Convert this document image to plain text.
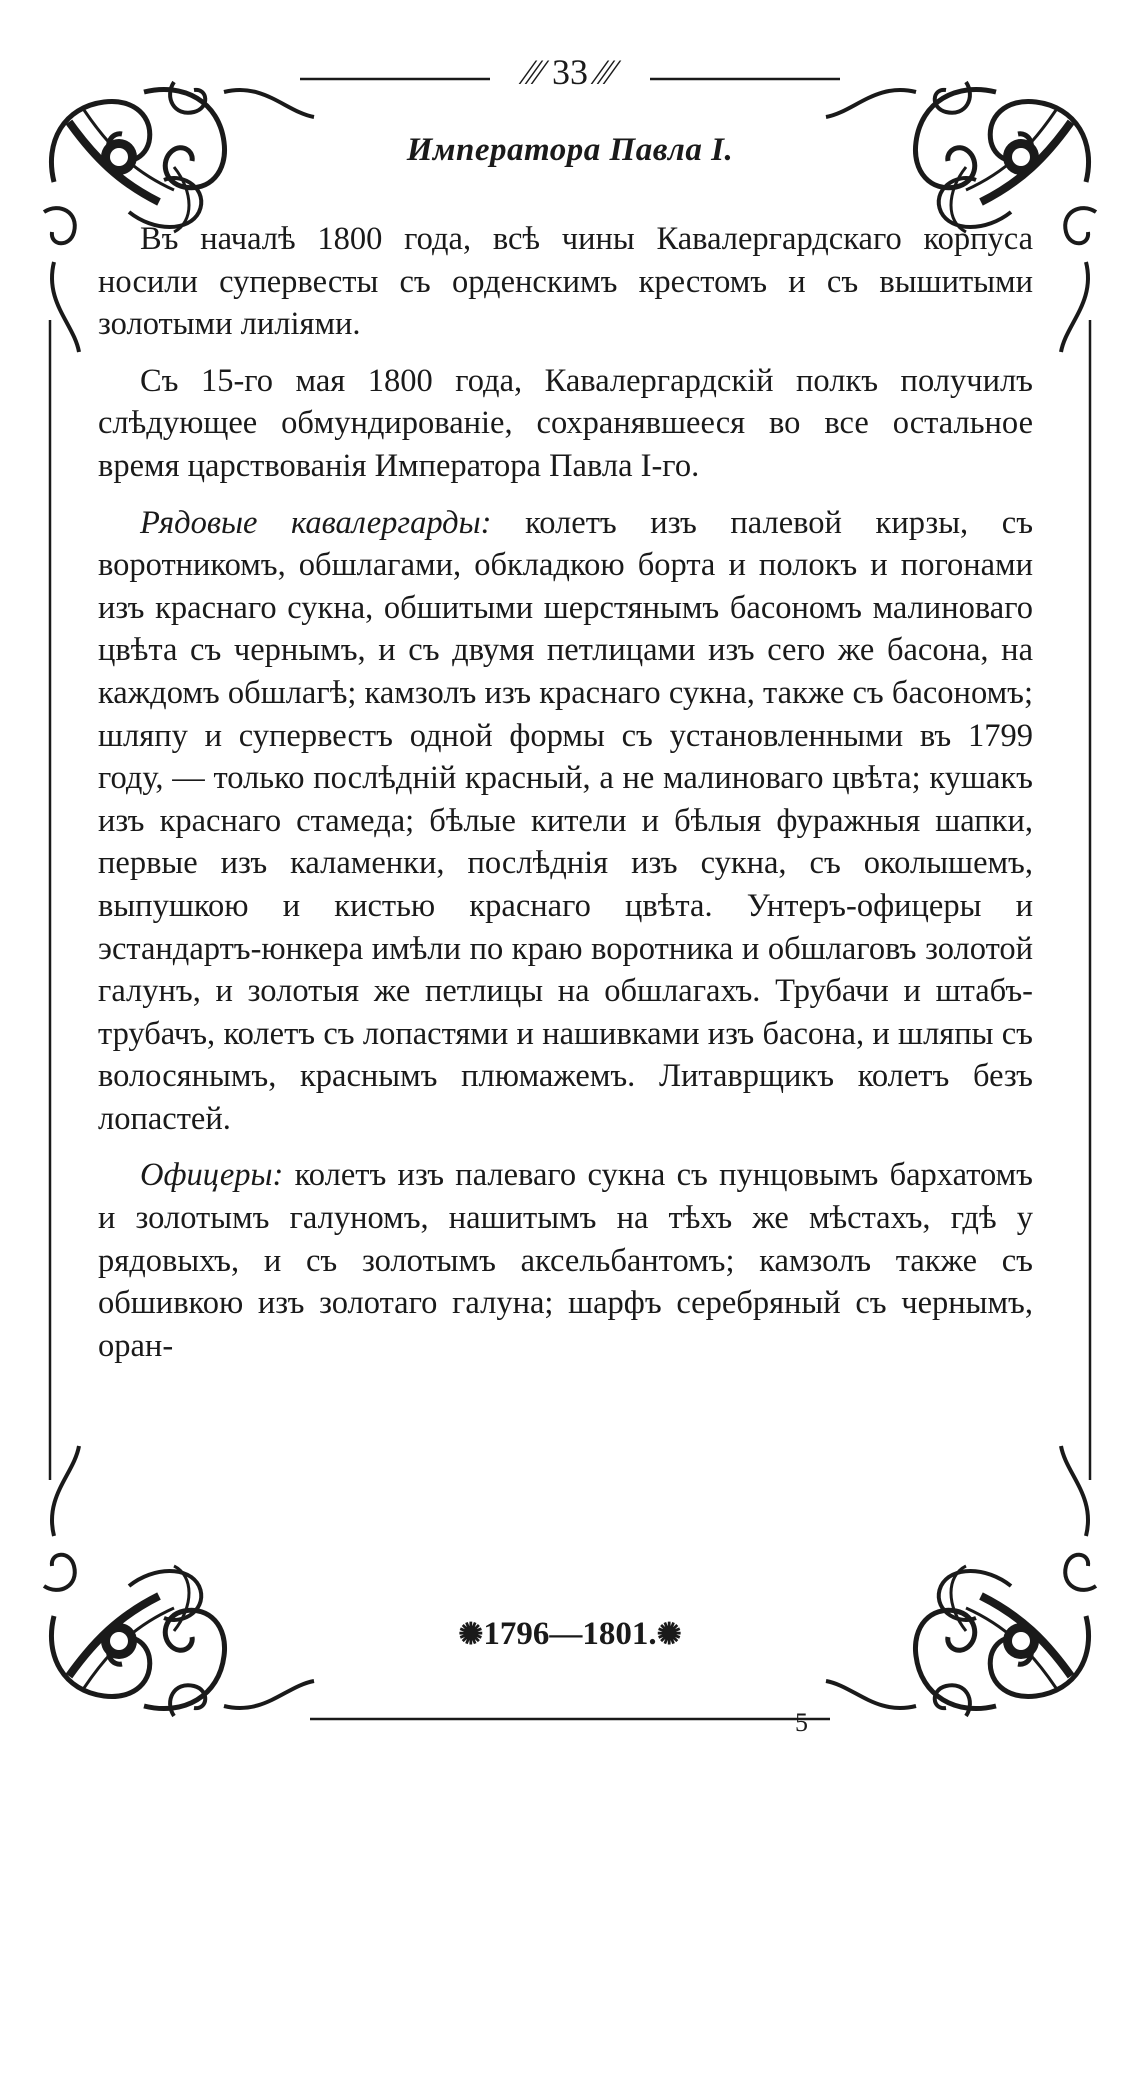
⁄⁄⁄ 33 ⁄⁄⁄
Императора Павла I.

Въ началѣ 1800 года, всѣ чины Кавалергардскаго корпуса носили супервесты съ орденскимъ крестомъ и съ вышитыми золотыми лилiями.

Съ 15-го мая 1800 года, Кавалергардскiй полкъ получилъ слѣдующее обмундированiе, сохранявшееся во все остальное время царствованiя Императора Павла I-го.

Рядовые кавалергарды: колетъ изъ палевой кирзы, съ воротникомъ, обшлагами, обкладкою борта и полокъ и погонами изъ краснаго сукна, обшитыми шерстянымъ басономъ малиноваго цвѣта съ чернымъ, и съ двумя петлицами изъ сего же басона, на каждомъ обшлагѣ; камзолъ изъ краснаго сукна, также съ басономъ; шляпу и супервестъ одной формы съ установленными въ 1799 году, — только послѣднiй красный, а не малиноваго цвѣта; кушакъ изъ краснаго стамеда; бѣлые кители и бѣлыя фуражныя шапки, первые изъ каламенки, послѣднiя изъ сукна, съ околышемъ, выпушкою и кистью краснаго цвѣта. Унтеръ-офицеры и эстандартъ-юнкера имѣли по краю воротника и обшлаговъ золотой галунъ, и золотыя же петлицы на обшлагахъ. Трубачи и штабъ-трубачъ, колетъ съ лопастями и нашивками изъ басона, и шляпы съ волосянымъ, краснымъ плюмажемъ. Литаврщикъ колетъ безъ лопастей.

Офицеры: колетъ изъ палеваго сукна съ пунцовымъ бархатомъ и золотымъ галуномъ, нашитымъ на тѣхъ же мѣстахъ, гдѣ у рядовыхъ, и съ золотымъ аксельбантомъ; камзолъ также съ обшивкою изъ золотаго галуна; шарфъ серебряный съ чернымъ, оран-

✺1796—1801.✺
5
